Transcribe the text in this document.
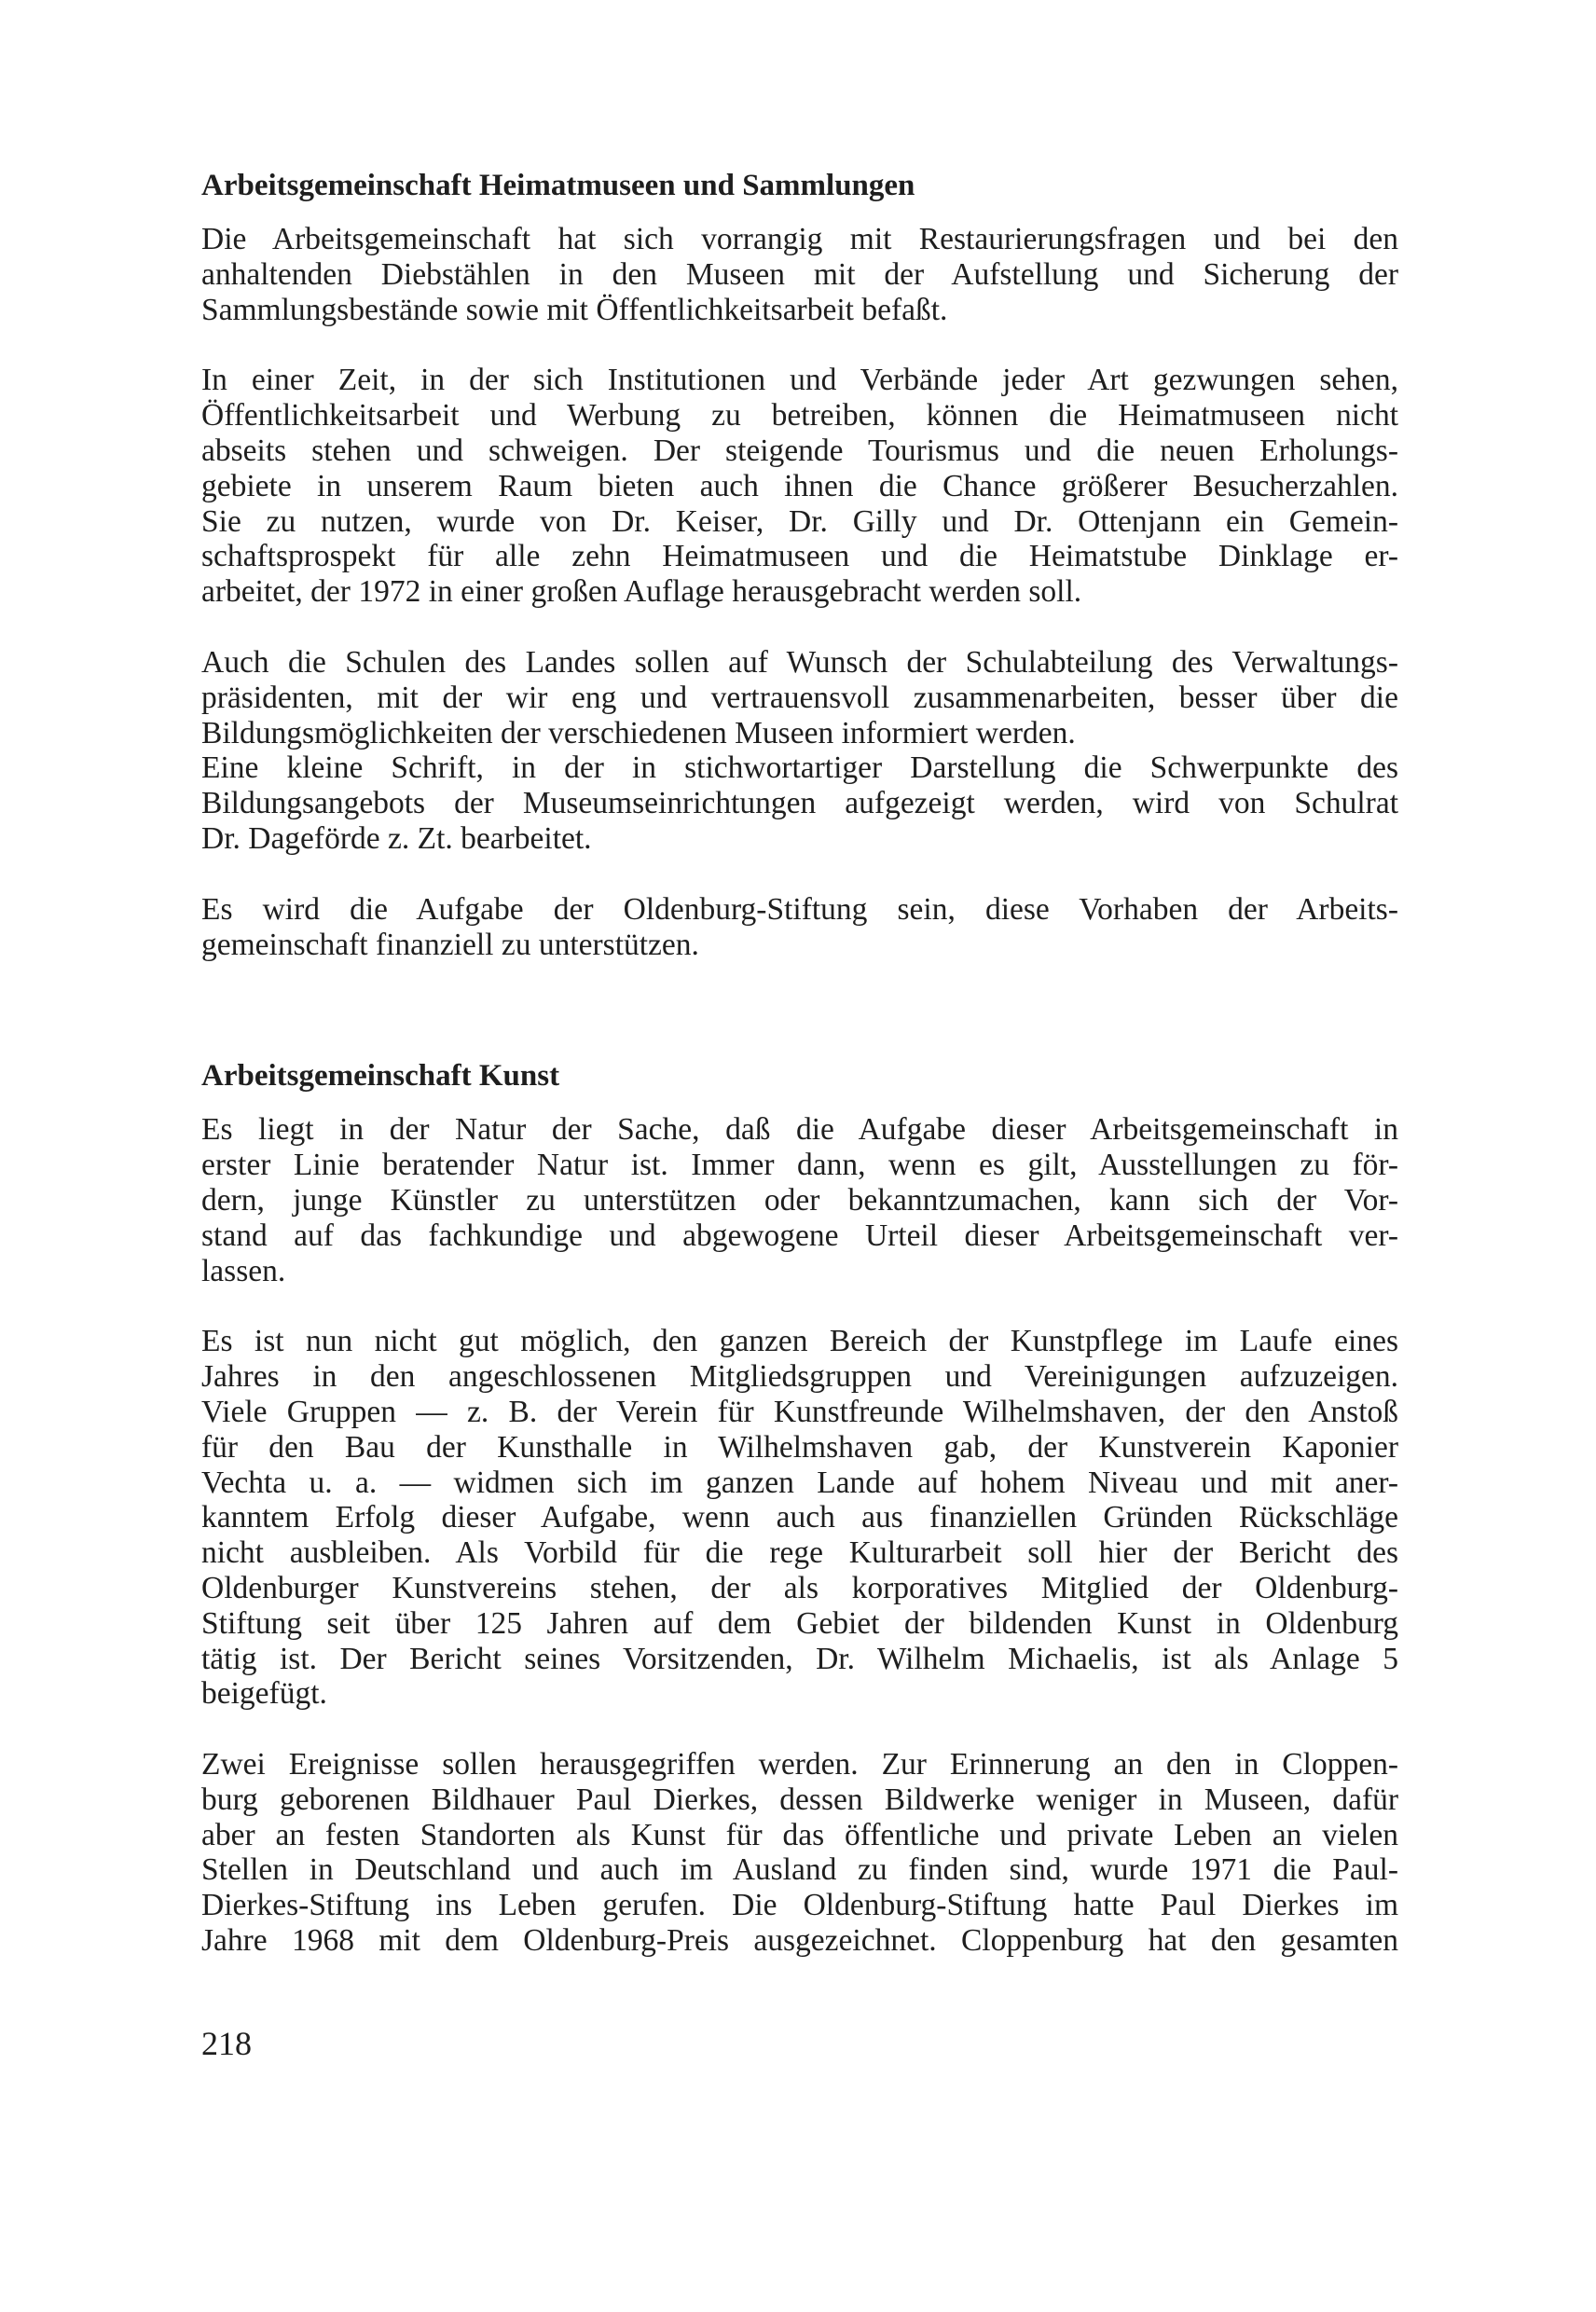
Arbeitsgemeinschaft Heimatmuseen und Sammlungen

Die Arbeitsgemeinschaft hat sich vorrangig mit Restaurierungsfragen und bei den
anhaltenden Diebstählen in den Museen mit der Aufstellung und Sicherung der
Sammlungsbestände sowie mit Öffentlichkeitsarbeit befaßt.

In einer Zeit, in der sich Institutionen und Verbände jeder Art gezwungen sehen,
Öffentlichkeitsarbeit und Werbung zu betreiben, können die Heimatmuseen nicht
abseits stehen und schweigen. Der steigende Tourismus und die neuen Erholungs-
gebiete in unserem Raum bieten auch ihnen die Chance größerer Besucherzahlen.
Sie zu nutzen, wurde von Dr. Keiser, Dr. Gilly und Dr. Ottenjann ein Gemein-
schaftsprospekt für alle zehn Heimatmuseen und die Heimatstube Dinklage er-
arbeitet, der 1972 in einer großen Auflage herausgebracht werden soll.

Auch die Schulen des Landes sollen auf Wunsch der Schulabteilung des Verwaltungs-
präsidenten, mit der wir eng und vertrauensvoll zusammenarbeiten, besser über die
Bildungsmöglichkeiten der verschiedenen Museen informiert werden.
Eine kleine Schrift, in der in stichwortartiger Darstellung die Schwerpunkte des
Bildungsangebots der Museumseinrichtungen aufgezeigt werden, wird von Schulrat
Dr. Dageförde z. Zt. bearbeitet.

Es wird die Aufgabe der Oldenburg-Stiftung sein, diese Vorhaben der Arbeits-
gemeinschaft finanziell zu unterstützen.

Arbeitsgemeinschaft Kunst

Es liegt in der Natur der Sache, daß die Aufgabe dieser Arbeitsgemeinschaft in
erster Linie beratender Natur ist. Immer dann, wenn es gilt, Ausstellungen zu för-
dern, junge Künstler zu unterstützen oder bekanntzumachen, kann sich der Vor-
stand auf das fachkundige und abgewogene Urteil dieser Arbeitsgemeinschaft ver-
lassen.

Es ist nun nicht gut möglich, den ganzen Bereich der Kunstpflege im Laufe eines
Jahres in den angeschlossenen Mitgliedsgruppen und Vereinigungen aufzuzeigen.
Viele Gruppen — z. B. der Verein für Kunstfreunde Wilhelmshaven, der den Anstoß
für den Bau der Kunsthalle in Wilhelmshaven gab, der Kunstverein Kaponier
Vechta u. a. — widmen sich im ganzen Lande auf hohem Niveau und mit aner-
kanntem Erfolg dieser Aufgabe, wenn auch aus finanziellen Gründen Rückschläge
nicht ausbleiben. Als Vorbild für die rege Kulturarbeit soll hier der Bericht des
Oldenburger Kunstvereins stehen, der als korporatives Mitglied der Oldenburg-
Stiftung seit über 125 Jahren auf dem Gebiet der bildenden Kunst in Oldenburg
tätig ist. Der Bericht seines Vorsitzenden, Dr. Wilhelm Michaelis, ist als Anlage 5
beigefügt.

Zwei Ereignisse sollen herausgegriffen werden. Zur Erinnerung an den in Cloppen-
burg geborenen Bildhauer Paul Dierkes, dessen Bildwerke weniger in Museen, dafür
aber an festen Standorten als Kunst für das öffentliche und private Leben an vielen
Stellen in Deutschland und auch im Ausland zu finden sind, wurde 1971 die Paul-
Dierkes-Stiftung ins Leben gerufen. Die Oldenburg-Stiftung hatte Paul Dierkes im
Jahre 1968 mit dem Oldenburg-Preis ausgezeichnet. Cloppenburg hat den gesamten

218
